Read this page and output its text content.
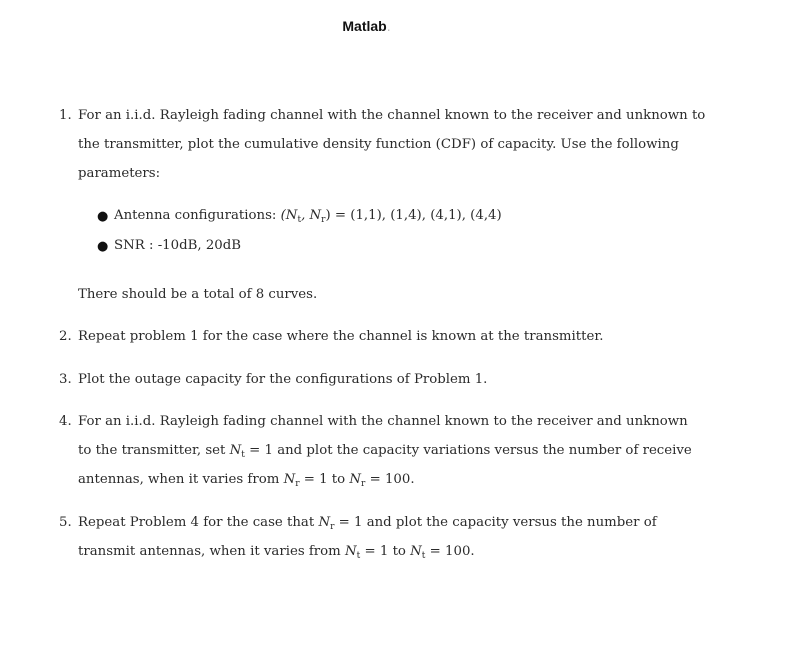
Matlab.
1. For an i.i.d. Rayleigh fading channel with the channel known to the receiver and unknown to
the transmitter, plot the cumulative density function (CDF) of capacity. Use the following
parameters:
● Antenna configurations: ($N_t$, $N_r) = (1,1)$, (1,4), (4,1), (4,4)
● SNR : -10dB, 20dB
There should be a total of 8 curves.
2. Repeat problem 1 for the case where the channel is known at the transmitter.
3. Plot the outage capacity for the configurations of Problem 1.
4. For an i.i.d. Rayleigh fading channel with the channel known to the receiver and unknown
to the transmitter, set $N_t = 1$ and plot the capacity variations versus the number of receive
antennas, when it varies from $N_r = 1$ to $N_r = 100$.
5. Repeat Problem 4 for the case that $N_r = 1$ and plot the capacity versus the number of
transmit antennas, when it varies from $N_t = 1$ to $N_t = 100$.
